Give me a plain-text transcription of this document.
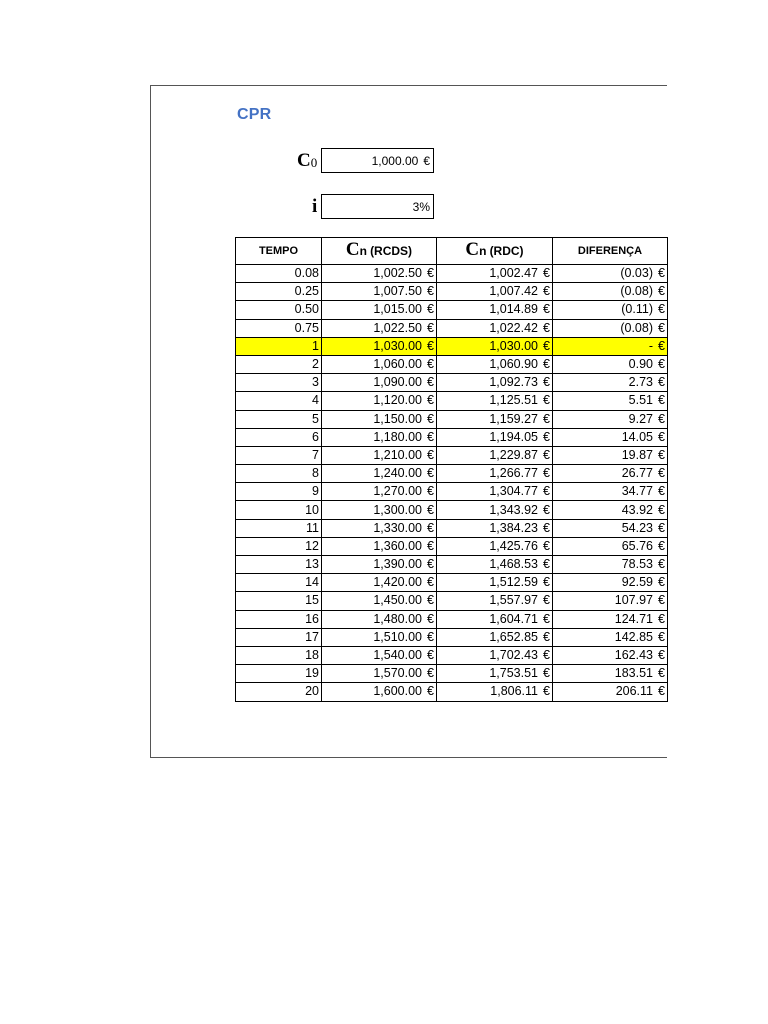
CPR
$C_0$	1,000.00 €
i	3%
TEMPO	Cn (RCDS)	Cn (RDC)	DIFERENÇA
0.08	1,002.50 €	1,002.47 €	(0.03) €
0.25	1,007.50 €	1,007.42 €	(0.08) €
0.50	1,015.00 €	1,014.89 €	(0.11) €
0.75	1,022.50 €	1,022.42 €	(0.08) €
1	1,030.00 €	1,030.00 €	- €
2	1,060.00 €	1,060.90 €	0.90 €
3	1,090.00 €	1,092.73 €	2.73 €
4	1,120.00 €	1,125.51 €	5.51 €
5	1,150.00 €	1,159.27 €	9.27 €
6	1,180.00 €	1,194.05 €	14.05 €
7	1,210.00 €	1,229.87 €	19.87 €
8	1,240.00 €	1,266.77 €	26.77 €
9	1,270.00 €	1,304.77 €	34.77 €
10	1,300.00 €	1,343.92 €	43.92 €
11	1,330.00 €	1,384.23 €	54.23 €
12	1,360.00 €	1,425.76 €	65.76 €
13	1,390.00 €	1,468.53 €	78.53 €
14	1,420.00 €	1,512.59 €	92.59 €
15	1,450.00 €	1,557.97 €	107.97 €
16	1,480.00 €	1,604.71 €	124.71 €
17	1,510.00 €	1,652.85 €	142.85 €
18	1,540.00 €	1,702.43 €	162.43 €
19	1,570.00 €	1,753.51 €	183.51 €
20	1,600.00 €	1,806.11 €	206.11 €
